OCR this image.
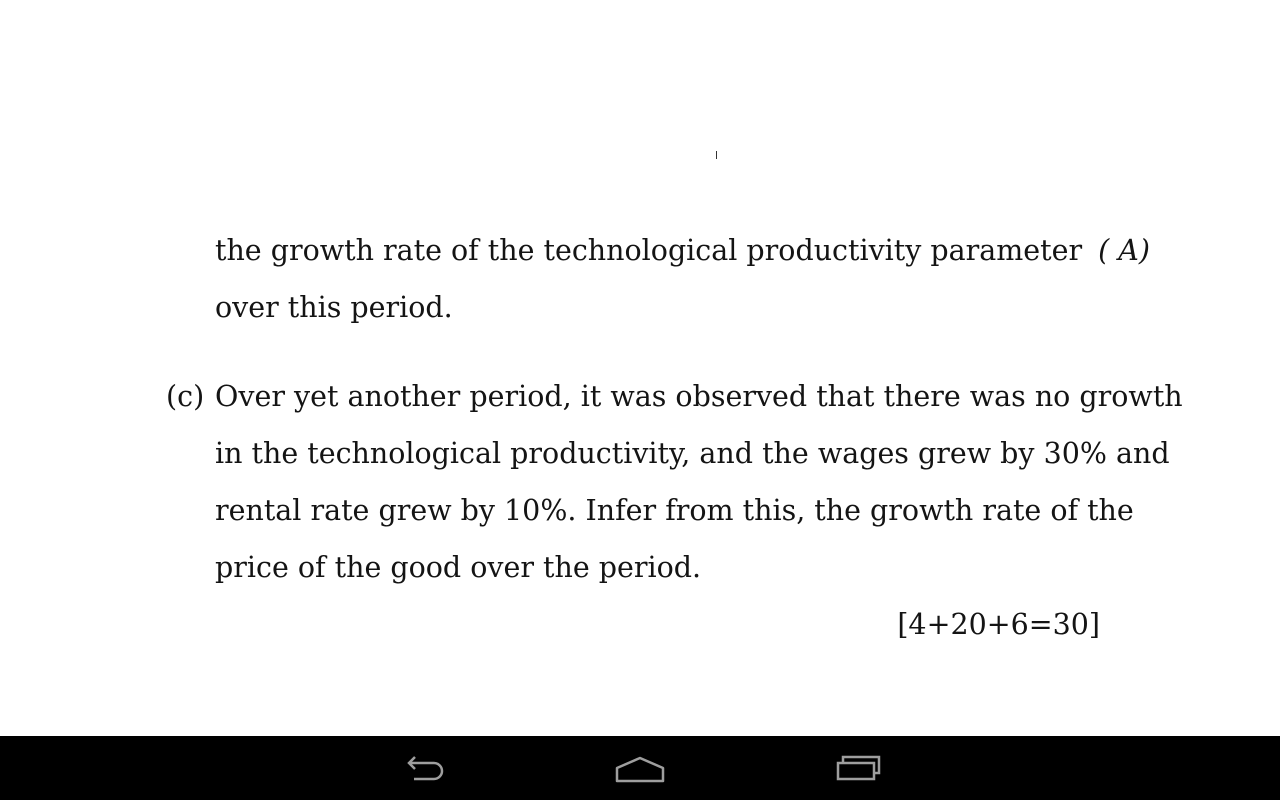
the growth rate of the technological productivity parameter ( A)
over this period.
(c) Over yet another period, it was observed that there was no growth
in the technological productivity, and the wages grew by 30% and
rental rate grew by 10%. Infer from this, the growth rate of the
price of the good over the period.
[4+20+6=30]
